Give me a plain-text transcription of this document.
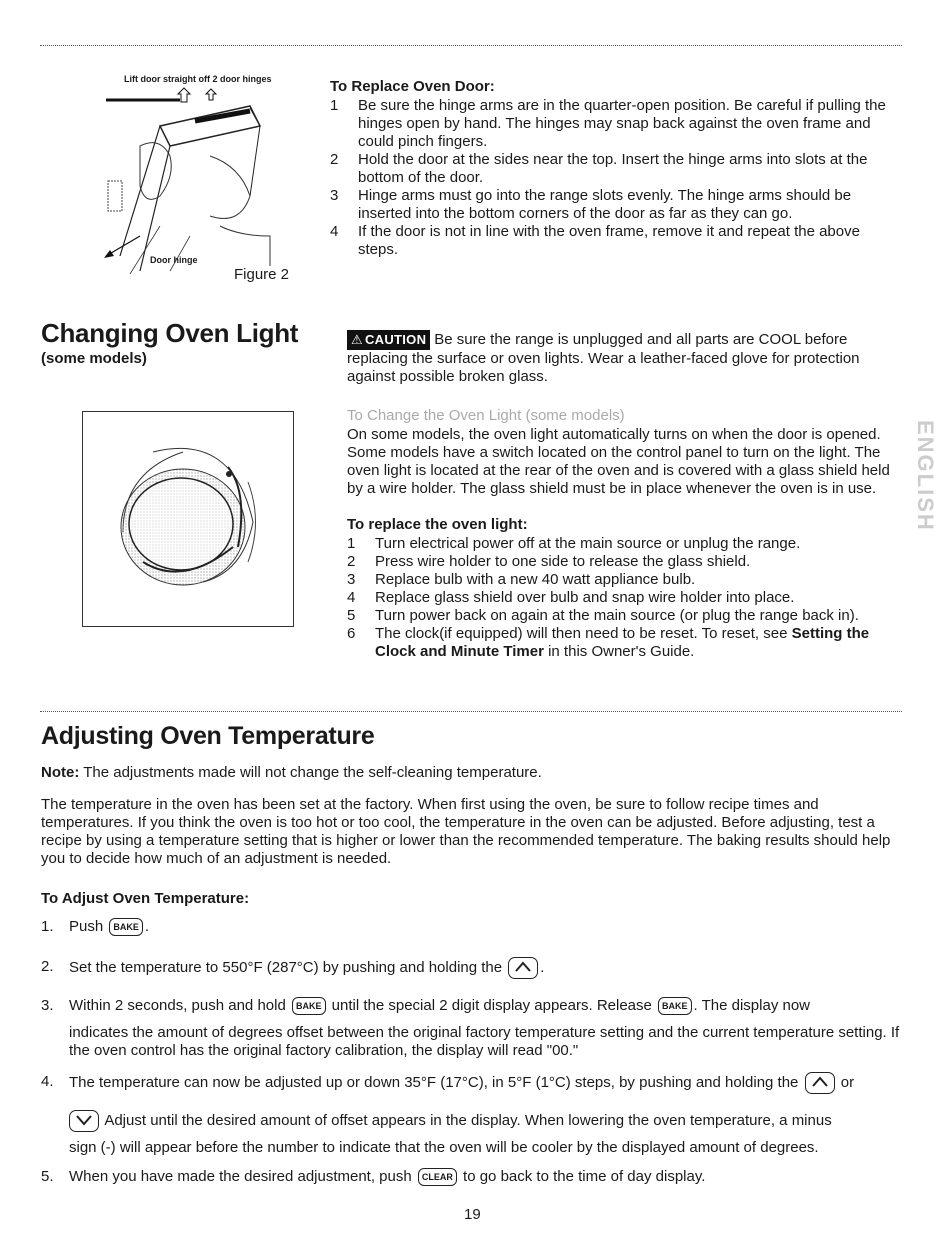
Lift door straight off 2 door hinges
Door hinge
Figure 2
To Replace Oven Door:
1	Be sure the hinge arms are in the quarter-open position. Be careful if pulling the hinges open by hand. The hinges may snap back against the oven frame and could pinch fingers.
2	Hold the door at the sides near the top. Insert the hinge arms into slots at the bottom of the door.
3	Hinge arms must go into the range slots evenly. The hinge arms should be inserted into the bottom corners of the door as far as they can go.
4	If the door is not in line with the oven frame, remove it and repeat the above steps.
Changing Oven Light
(some models)
⚠ CAUTION Be sure the range is unplugged and all parts are COOL before replacing the surface or oven lights. Wear a leather-faced glove for protection against possible broken glass.
To Change the Oven Light (some models)
On some models, the oven light automatically turns on when the door is opened. Some models have a switch located on the control panel to turn on the light. The oven light is located at the rear of the oven and is covered with a glass shield held by a wire holder. The glass shield must be in place whenever the oven is in use.
To replace the oven light:
1	Turn electrical power off at the main source or unplug the range.
2	Press wire holder to one side to release the glass shield.
3	Replace bulb with a new 40 watt appliance bulb.
4	Replace glass shield over bulb and snap wire holder into place.
5	Turn power back on again at the main source (or plug the range back in).
6	The clock(if equipped) will then need to be reset. To reset, see Setting the Clock and Minute Timer in this Owner's Guide.
ENGLISH
Adjusting Oven Temperature
Note: The adjustments made will not change the self-cleaning temperature.
The temperature in the oven has been set at the factory. When first using the oven, be sure to follow recipe times and temperatures. If you think the oven is too hot or too cool, the temperature in the oven can be adjusted. Before adjusting, test a recipe by using a temperature setting that is higher or lower than the recommended temperature. The baking results should help you to decide how much of an adjustment is needed.
To Adjust Oven Temperature:
1.	Push BAKE .
2.	Set the temperature to 550°F (287°C) by pushing and holding the
.
3.	Within 2 seconds, push and hold BAKE until the special 2 digit display appears. Release BAKE . The display now
indicates the amount of degrees offset between the original factory temperature setting and the current temperature setting. If the oven control has the original factory calibration, the display will read "00."
4.	The temperature can now be adjusted up or down 35°F (17°C), in 5°F (1°C) steps, by pushing and holding the
or
Adjust until the desired amount of offset appears in the display. When lowering the oven temperature, a minus
sign (-) will appear before the number to indicate that the oven will be cooler by the displayed amount of degrees.
5.	When you have made the desired adjustment, push CLEAR to go back to the time of day display.
19
